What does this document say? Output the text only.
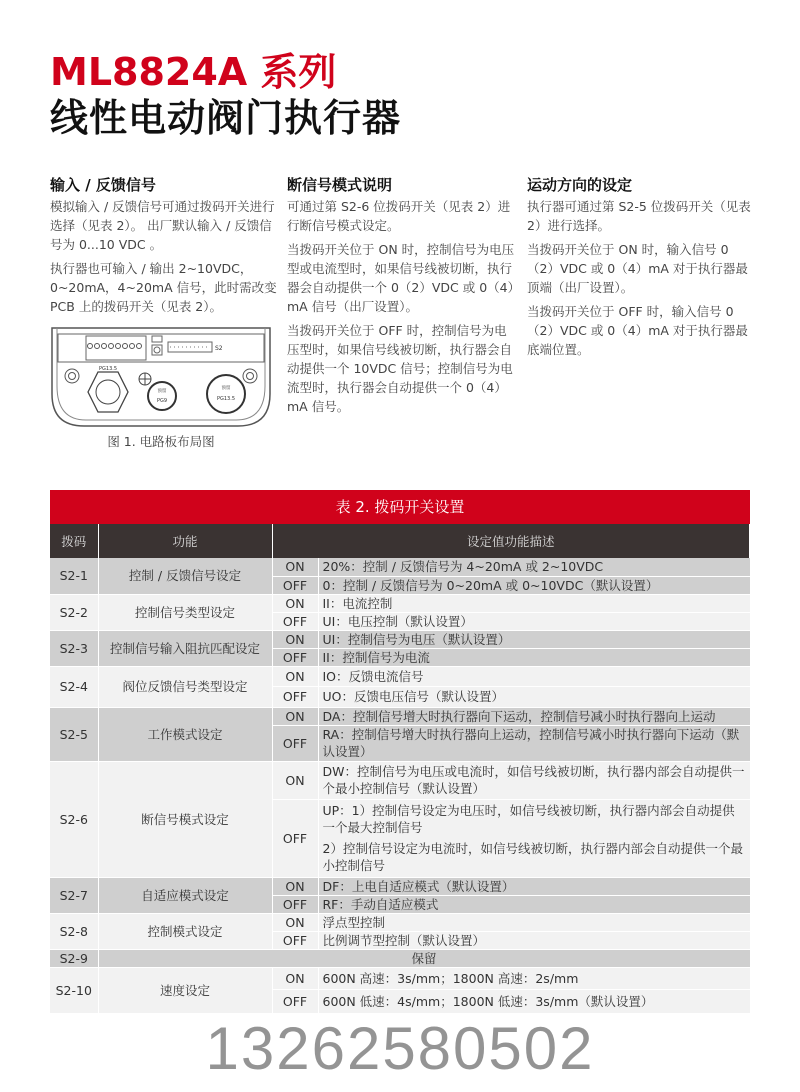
ML8824A 系列
线性电动阀门执行器
输入 / 反馈信号

模拟输入 / 反馈信号可通过拨码开关进行选择（见表 2）。 出厂默认输入 / 反馈信号为 0...10 VDC 。

执行器也可输入 / 输出 2~10VDC，0~20mA，4~20mA 信号，此时需改变 PCB 上的拨码开关（见表 2）。

S2
PG13.5
预留
PG9
预留
PG13.5
图 1. 电路板布局图
断信号模式说明

可通过第 S2-6 位拨码开关（见表 2）进行断信号模式设定。

当拨码开关位于 ON 时，控制信号为电压型或电流型时，如果信号线被切断，执行器会自动提供一个 0（2）VDC 或 0（4）mA 信号（出厂设置）。

当拨码开关位于 OFF 时，控制信号为电压型时，如果信号线被切断，执行器会自动提供一个 10VDC 信号；控制信号为电流型时，执行器会自动提供一个 0（4）mA 信号。

运动方向的设定

执行器可通过第 S2-5 位拨码开关（见表 2）进行选择。

当拨码开关位于 ON 时，输入信号 0（2）VDC 或 0（4）mA 对于执行器最顶端（出厂设置）。

当拨码开关位于 OFF 时，输入信号 0（2）VDC 或 0（4）mA 对于执行器最底端位置。

表 2. 拨码开关设置
拨码	功能	设定值功能描述	
S2-1	控制 / 反馈信号设定	ON	20%：控制 / 反馈信号为 4~20mA 或 2~10VDC

		OFF	0：控制 / 反馈信号为 0~20mA 或 0~10VDC（默认设置）

S2-2	控制信号类型设定	ON	II：电流控制

		OFF	UI：电压控制（默认设置）

S2-3	控制信号输入阻抗匹配设定	ON	UI：控制信号为电压（默认设置）

		OFF	II：控制信号为电流

S2-4	阀位反馈信号类型设定	ON	IO：反馈电流信号

		OFF	UO：反馈电压信号（默认设置）

S2-5	工作模式设定	ON	DA：控制信号增大时执行器向下运动，控制信号减小时执行器向上运动

		OFF	RA：控制信号增大时执行器向上运动，控制信号减小时执行器向下运动（默认设置）

S2-6	断信号模式设定	ON	DW：控制信号为电压或电流时，如信号线被切断，执行器内部会自动提供一个最小控制信号（默认设置）

		OFF	UP：1）控制信号设定为电压时，如信号线被切断，执行器内部会自动提供一个最大控制信号
2）控制信号设定为电流时，如信号线被切断，执行器内部会自动提供一个最小控制信号

S2-7	自适应模式设定	ON	DF：上电自适应模式（默认设置）

		OFF	RF：手动自适应模式

S2-8	控制模式设定	ON	浮点型控制

		OFF	比例调节型控制（默认设置）

S2-9	保留		
S2-10	速度设定	ON	600N 高速：3s/mm；1800N 高速：2s/mm

		OFF	600N 低速：4s/mm；1800N 低速：3s/mm（默认设置）
13262580502
